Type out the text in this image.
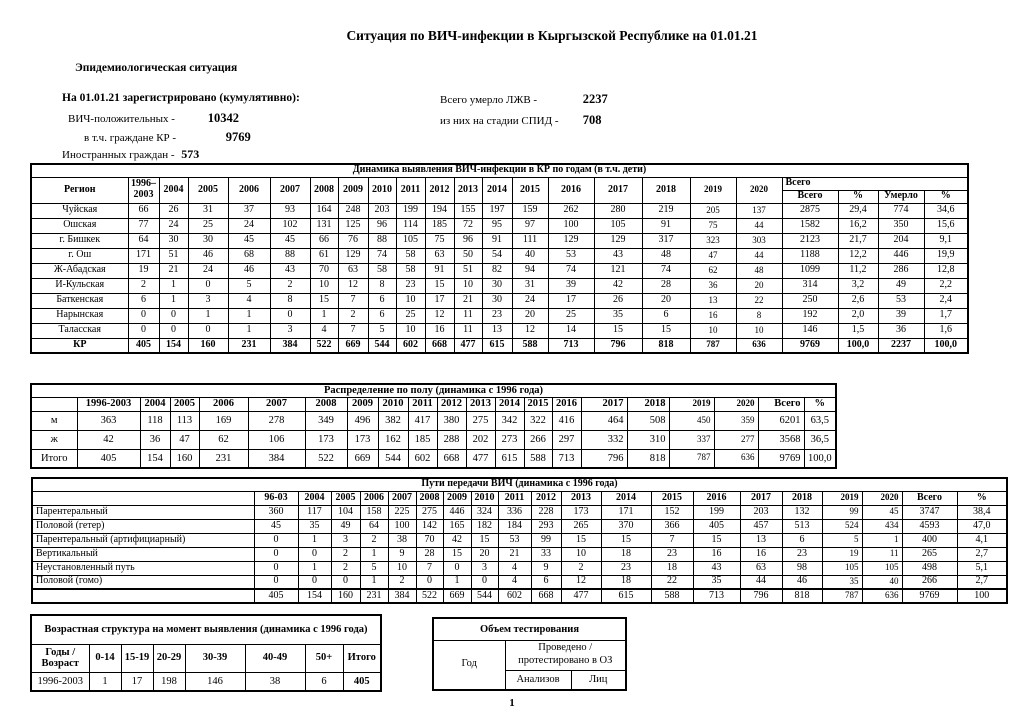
Ситуация по ВИЧ-инфекции в Кыргызской Республике на 01.01.21
Эпидемиологическая ситуация
На 01.01.21 зарегистрировано (кумулятивно):
ВИЧ-положительных -	10342
в т.ч. граждане КР -	9769
Иностранных граждан - 573
Всего умерло ЛЖВ -	2237
из них на стадии СПИД - 708
Динамика выявления ВИЧ-инфекции в КР по годам (в т.ч. дети)																						
Регион	1996–2003	2004	2005	2006	2007	2008	2009	2010	2011	2012	2013	2014	2015	2016	2017	2018	2019	2020	Всего			
																			Всего	%	Умерло	%
Чуйская	66	26	31	37	93	164	248	203	199	194	155	197	159	262	280	219	205	137	2875	29,4	774	34,6
Ошская	77	24	25	24	102	131	125	96	114	185	72	95	97	100	105	91	75	44	1582	16,2	350	15,6
г. Бишкек	64	30	30	45	45	66	76	88	105	75	96	91	111	129	129	317	323	303	2123	21,7	204	9,1
г. Ош	171	51	46	68	88	61	129	74	58	63	50	54	40	53	43	48	47	44	1188	12,2	446	19,9
Ж-Абадская	19	21	24	46	43	70	63	58	58	91	51	82	94	74	121	74	62	48	1099	11,2	286	12,8
И-Кульская	2	1	0	5	2	10	12	8	23	15	10	30	31	39	42	28	36	20	314	3,2	49	2,2
Баткенская	6	1	3	4	8	15	7	6	10	17	21	30	24	17	26	20	13	22	250	2,6	53	2,4
Нарынская	0	0	1	1	0	1	2	6	25	12	11	23	20	25	35	6	16	8	192	2,0	39	1,7
Таласская	0	0	0	1	3	4	7	5	10	16	11	13	12	14	15	15	10	10	146	1,5	36	1,6
КР	405	154	160	231	384	522	669	544	602	668	477	615	588	713	796	818	787	636	9769	100,0	2237	100,0
Распределение по полу (динамика с 1996 года)																				
	1996-2003	2004	2005	2006	2007	2008	2009	2010	2011	2012	2013	2014	2015	2016	2017	2018	2019	2020	Всего	%
м	363	118	113	169	278	349	496	382	417	380	275	342	322	416	464	508	450	359	6201	63,5
ж	42	36	47	62	106	173	173	162	185	288	202	273	266	297	332	310	337	277	3568	36,5
Итого	405	154	160	231	384	522	669	544	602	668	477	615	588	713	796	818	787	636	9769	100,0
Пути передачи ВИЧ (динамика с 1996 года)																				
	96-03	2004	2005	2006	2007	2008	2009	2010	2011	2012	2013	2014	2015	2016	2017	2018	2019	2020	Всего	%
Парентеральный	360	117	104	158	225	275	446	324	336	228	173	171	152	199	203	132	99	45	3747	38,4
Половой (гетер)	45	35	49	64	100	142	165	182	184	293	265	370	366	405	457	513	524	434	4593	47,0
Парентеральный (артифициарный)	0	1	3	2	38	70	42	15	53	99	15	15	7	15	13	6	5	1	400	4,1
Вертикальный	0	0	2	1	9	28	15	20	21	33	10	18	23	16	16	23	19	11	265	2,7
Неустановленный путь	0	1	2	5	10	7	0	3	4	9	2	23	18	43	63	98	105	105	498	5,1
Половой (гомо)	0	0	0	1	2	0	1	0	4	6	12	18	22	35	44	46	35	40	266	2,7
	405	154	160	231	384	522	669	544	602	668	477	615	588	713	796	818	787	636	9769	100
Возрастная структура на момент выявления (динамика с 1996 года)							
Годы / Возраст	0-14	15-19	20-29	30-39	40-49	50+	Итого
1996-2003	1	17	198	146	38	6	405
Объем тестирования		
Год	Проведено / протестировано в ОЗ	
	Анализов	Лиц
1
